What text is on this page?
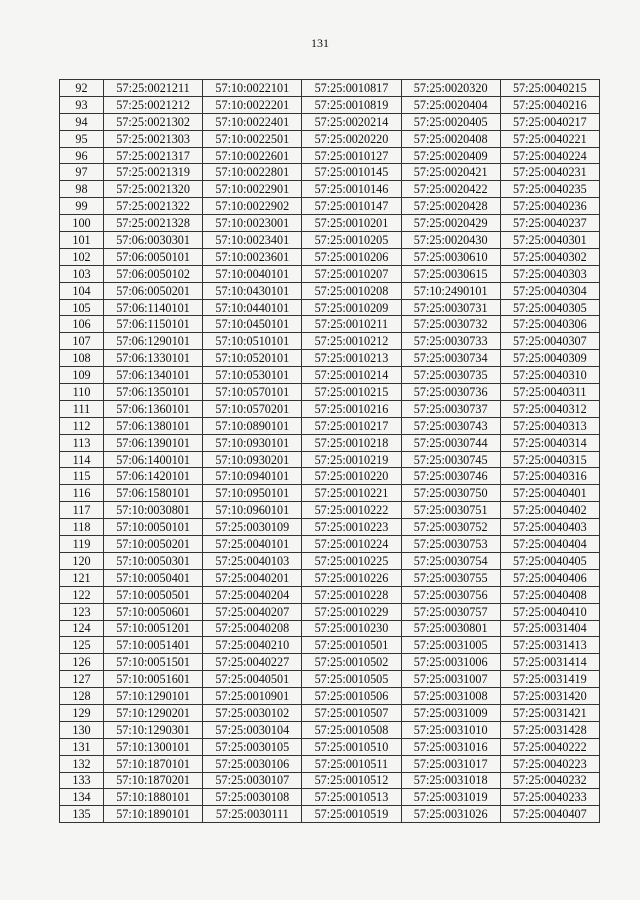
131
92	57:25:0021211	57:10:0022101	57:25:0010817	57:25:0020320	57:25:0040215
93	57:25:0021212	57:10:0022201	57:25:0010819	57:25:0020404	57:25:0040216
94	57:25:0021302	57:10:0022401	57:25:0020214	57:25:0020405	57:25:0040217
95	57:25:0021303	57:10:0022501	57:25:0020220	57:25:0020408	57:25:0040221
96	57:25:0021317	57:10:0022601	57:25:0010127	57:25:0020409	57:25:0040224
97	57:25:0021319	57:10:0022801	57:25:0010145	57:25:0020421	57:25:0040231
98	57:25:0021320	57:10:0022901	57:25:0010146	57:25:0020422	57:25:0040235
99	57:25:0021322	57:10:0022902	57:25:0010147	57:25:0020428	57:25:0040236
100	57:25:0021328	57:10:0023001	57:25:0010201	57:25:0020429	57:25:0040237
101	57:06:0030301	57:10:0023401	57:25:0010205	57:25:0020430	57:25:0040301
102	57:06:0050101	57:10:0023601	57:25:0010206	57:25:0030610	57:25:0040302
103	57:06:0050102	57:10:0040101	57:25:0010207	57:25:0030615	57:25:0040303
104	57:06:0050201	57:10:0430101	57:25:0010208	57:10:2490101	57:25:0040304
105	57:06:1140101	57:10:0440101	57:25:0010209	57:25:0030731	57:25:0040305
106	57:06:1150101	57:10:0450101	57:25:0010211	57:25:0030732	57:25:0040306
107	57:06:1290101	57:10:0510101	57:25:0010212	57:25:0030733	57:25:0040307
108	57:06:1330101	57:10:0520101	57:25:0010213	57:25:0030734	57:25:0040309
109	57:06:1340101	57:10:0530101	57:25:0010214	57:25:0030735	57:25:0040310
110	57:06:1350101	57:10:0570101	57:25:0010215	57:25:0030736	57:25:0040311
111	57:06:1360101	57:10:0570201	57:25:0010216	57:25:0030737	57:25:0040312
112	57:06:1380101	57:10:0890101	57:25:0010217	57:25:0030743	57:25:0040313
113	57:06:1390101	57:10:0930101	57:25:0010218	57:25:0030744	57:25:0040314
114	57:06:1400101	57:10:0930201	57:25:0010219	57:25:0030745	57:25:0040315
115	57:06:1420101	57:10:0940101	57:25:0010220	57:25:0030746	57:25:0040316
116	57:06:1580101	57:10:0950101	57:25:0010221	57:25:0030750	57:25:0040401
117	57:10:0030801	57:10:0960101	57:25:0010222	57:25:0030751	57:25:0040402
118	57:10:0050101	57:25:0030109	57:25:0010223	57:25:0030752	57:25:0040403
119	57:10:0050201	57:25:0040101	57:25:0010224	57:25:0030753	57:25:0040404
120	57:10:0050301	57:25:0040103	57:25:0010225	57:25:0030754	57:25:0040405
121	57:10:0050401	57:25:0040201	57:25:0010226	57:25:0030755	57:25:0040406
122	57:10:0050501	57:25:0040204	57:25:0010228	57:25:0030756	57:25:0040408
123	57:10:0050601	57:25:0040207	57:25:0010229	57:25:0030757	57:25:0040410
124	57:10:0051201	57:25:0040208	57:25:0010230	57:25:0030801	57:25:0031404
125	57:10:0051401	57:25:0040210	57:25:0010501	57:25:0031005	57:25:0031413
126	57:10:0051501	57:25:0040227	57:25:0010502	57:25:0031006	57:25:0031414
127	57:10:0051601	57:25:0040501	57:25:0010505	57:25:0031007	57:25:0031419
128	57:10:1290101	57:25:0010901	57:25:0010506	57:25:0031008	57:25:0031420
129	57:10:1290201	57:25:0030102	57:25:0010507	57:25:0031009	57:25:0031421
130	57:10:1290301	57:25:0030104	57:25:0010508	57:25:0031010	57:25:0031428
131	57:10:1300101	57:25:0030105	57:25:0010510	57:25:0031016	57:25:0040222
132	57:10:1870101	57:25:0030106	57:25:0010511	57:25:0031017	57:25:0040223
133	57:10:1870201	57:25:0030107	57:25:0010512	57:25:0031018	57:25:0040232
134	57:10:1880101	57:25:0030108	57:25:0010513	57:25:0031019	57:25:0040233
135	57:10:1890101	57:25:0030111	57:25:0010519	57:25:0031026	57:25:0040407
